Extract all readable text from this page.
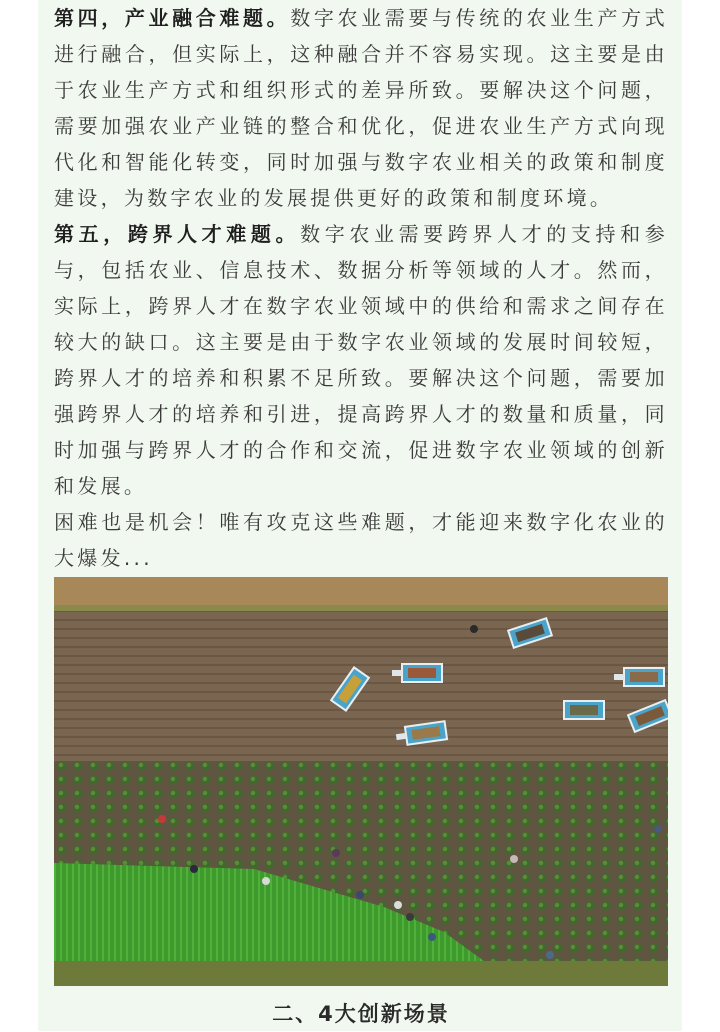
第四，产业融合难题。数字农业需要与传统的农业生产方式进行融合，但实际上，这种融合并不容易实现。这主要是由于农业生产方式和组织形式的差异所致。要解决这个问题，需要加强农业产业链的整合和优化，促进农业生产方式向现代化和智能化转变，同时加强与数字农业相关的政策和制度建设，为数字农业的发展提供更好的政策和制度环境。

第五，跨界人才难题。数字农业需要跨界人才的支持和参与，包括农业、信息技术、数据分析等领域的人才。然而，实际上，跨界人才在数字农业领域中的供给和需求之间存在较大的缺口。这主要是由于数字农业领域的发展时间较短，跨界人才的培养和积累不足所致。要解决这个问题，需要加强跨界人才的培养和引进，提高跨界人才的数量和质量，同时加强与跨界人才的合作和交流，促进数字农业领域的创新和发展。

困难也是机会！唯有攻克这些难题，才能迎来数字化农业的大爆发...

二、4大创新场景
